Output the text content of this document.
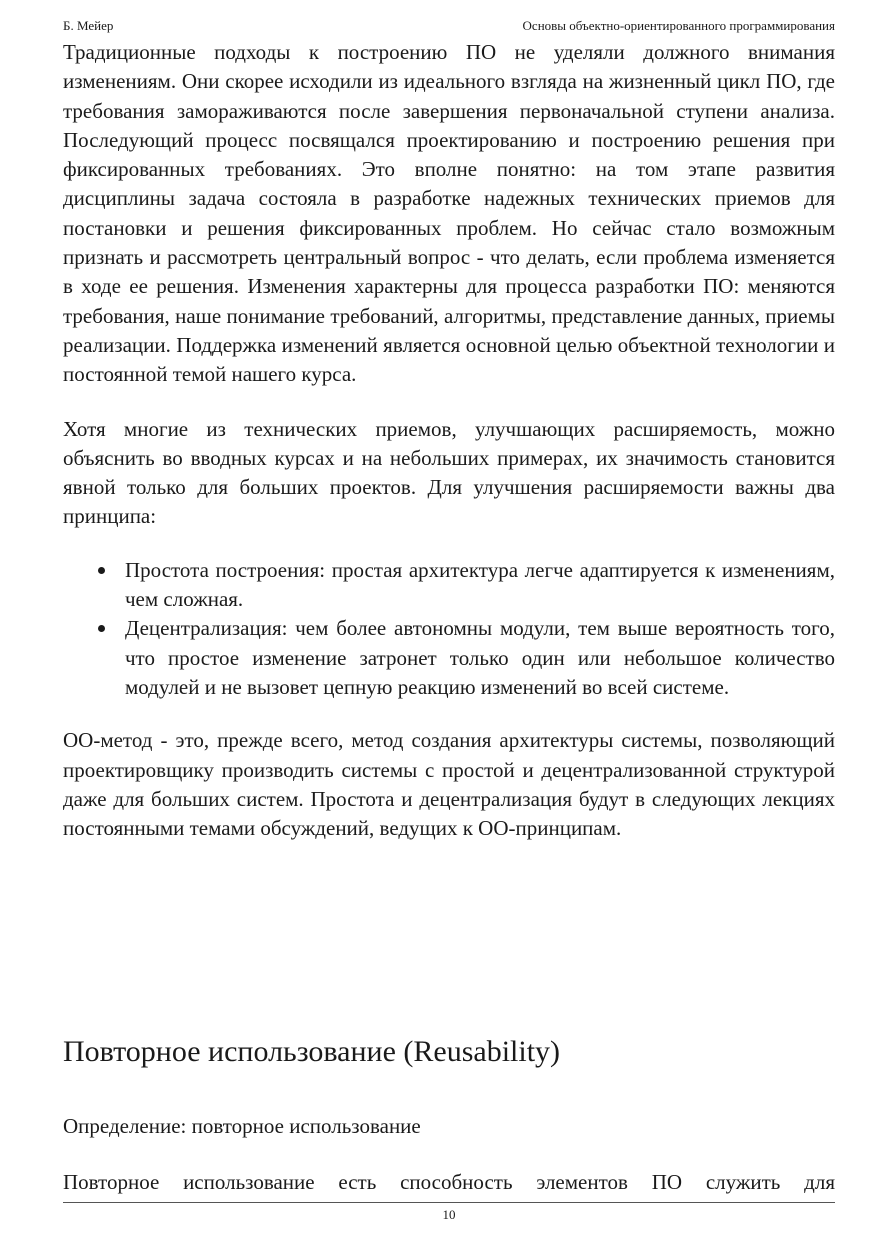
Б. Мейер	Основы объектно-ориентированного программирования

Традиционные подходы к построению ПО не уделяли должного внимания изменениям. Они скорее исходили из идеального взгляда на жизненный цикл ПО, где требования замораживаются после завершения первоначальной ступени анализа. Последующий процесс посвящался проектированию и построению решения при фиксированных требованиях. Это вполне понятно: на том этапе развития дисциплины задача состояла в разработке надежных технических приемов для постановки и решения фиксированных проблем. Но сейчас стало возможным признать и рассмотреть центральный вопрос - что делать, если проблема изменяется в ходе ее решения. Изменения характерны для процесса разработки ПО: меняются требования, наше понимание требований, алгоритмы, представление данных, приемы реализации. Поддержка изменений является основной целью объектной технологии и постоянной темой нашего курса.

Хотя многие из технических приемов, улучшающих расширяемость, можно объяснить во вводных курсах и на небольших примерах, их значимость становится явной только для больших проектов. Для улучшения расширяемости важны два принципа:

Простота построения: простая архитектура легче адаптируется к изменениям, чем сложная.
Децентрализация: чем более автономны модули, тем выше вероятность того, что простое изменение затронет только один или небольшое количество модулей и не вызовет цепную реакцию изменений во всей системе.

ОО-метод - это, прежде всего, метод создания архитектуры системы, позволяющий проектировщику производить системы с простой и децентрализованной структурой даже для больших систем. Простота и децентрализация будут в следующих лекциях постоянными темами обсуждений, ведущих к ОО-принципам.

Повторное использование (Reusability)

Определение: повторное использование

Повторное использование есть способность элементов ПО служить для

10
